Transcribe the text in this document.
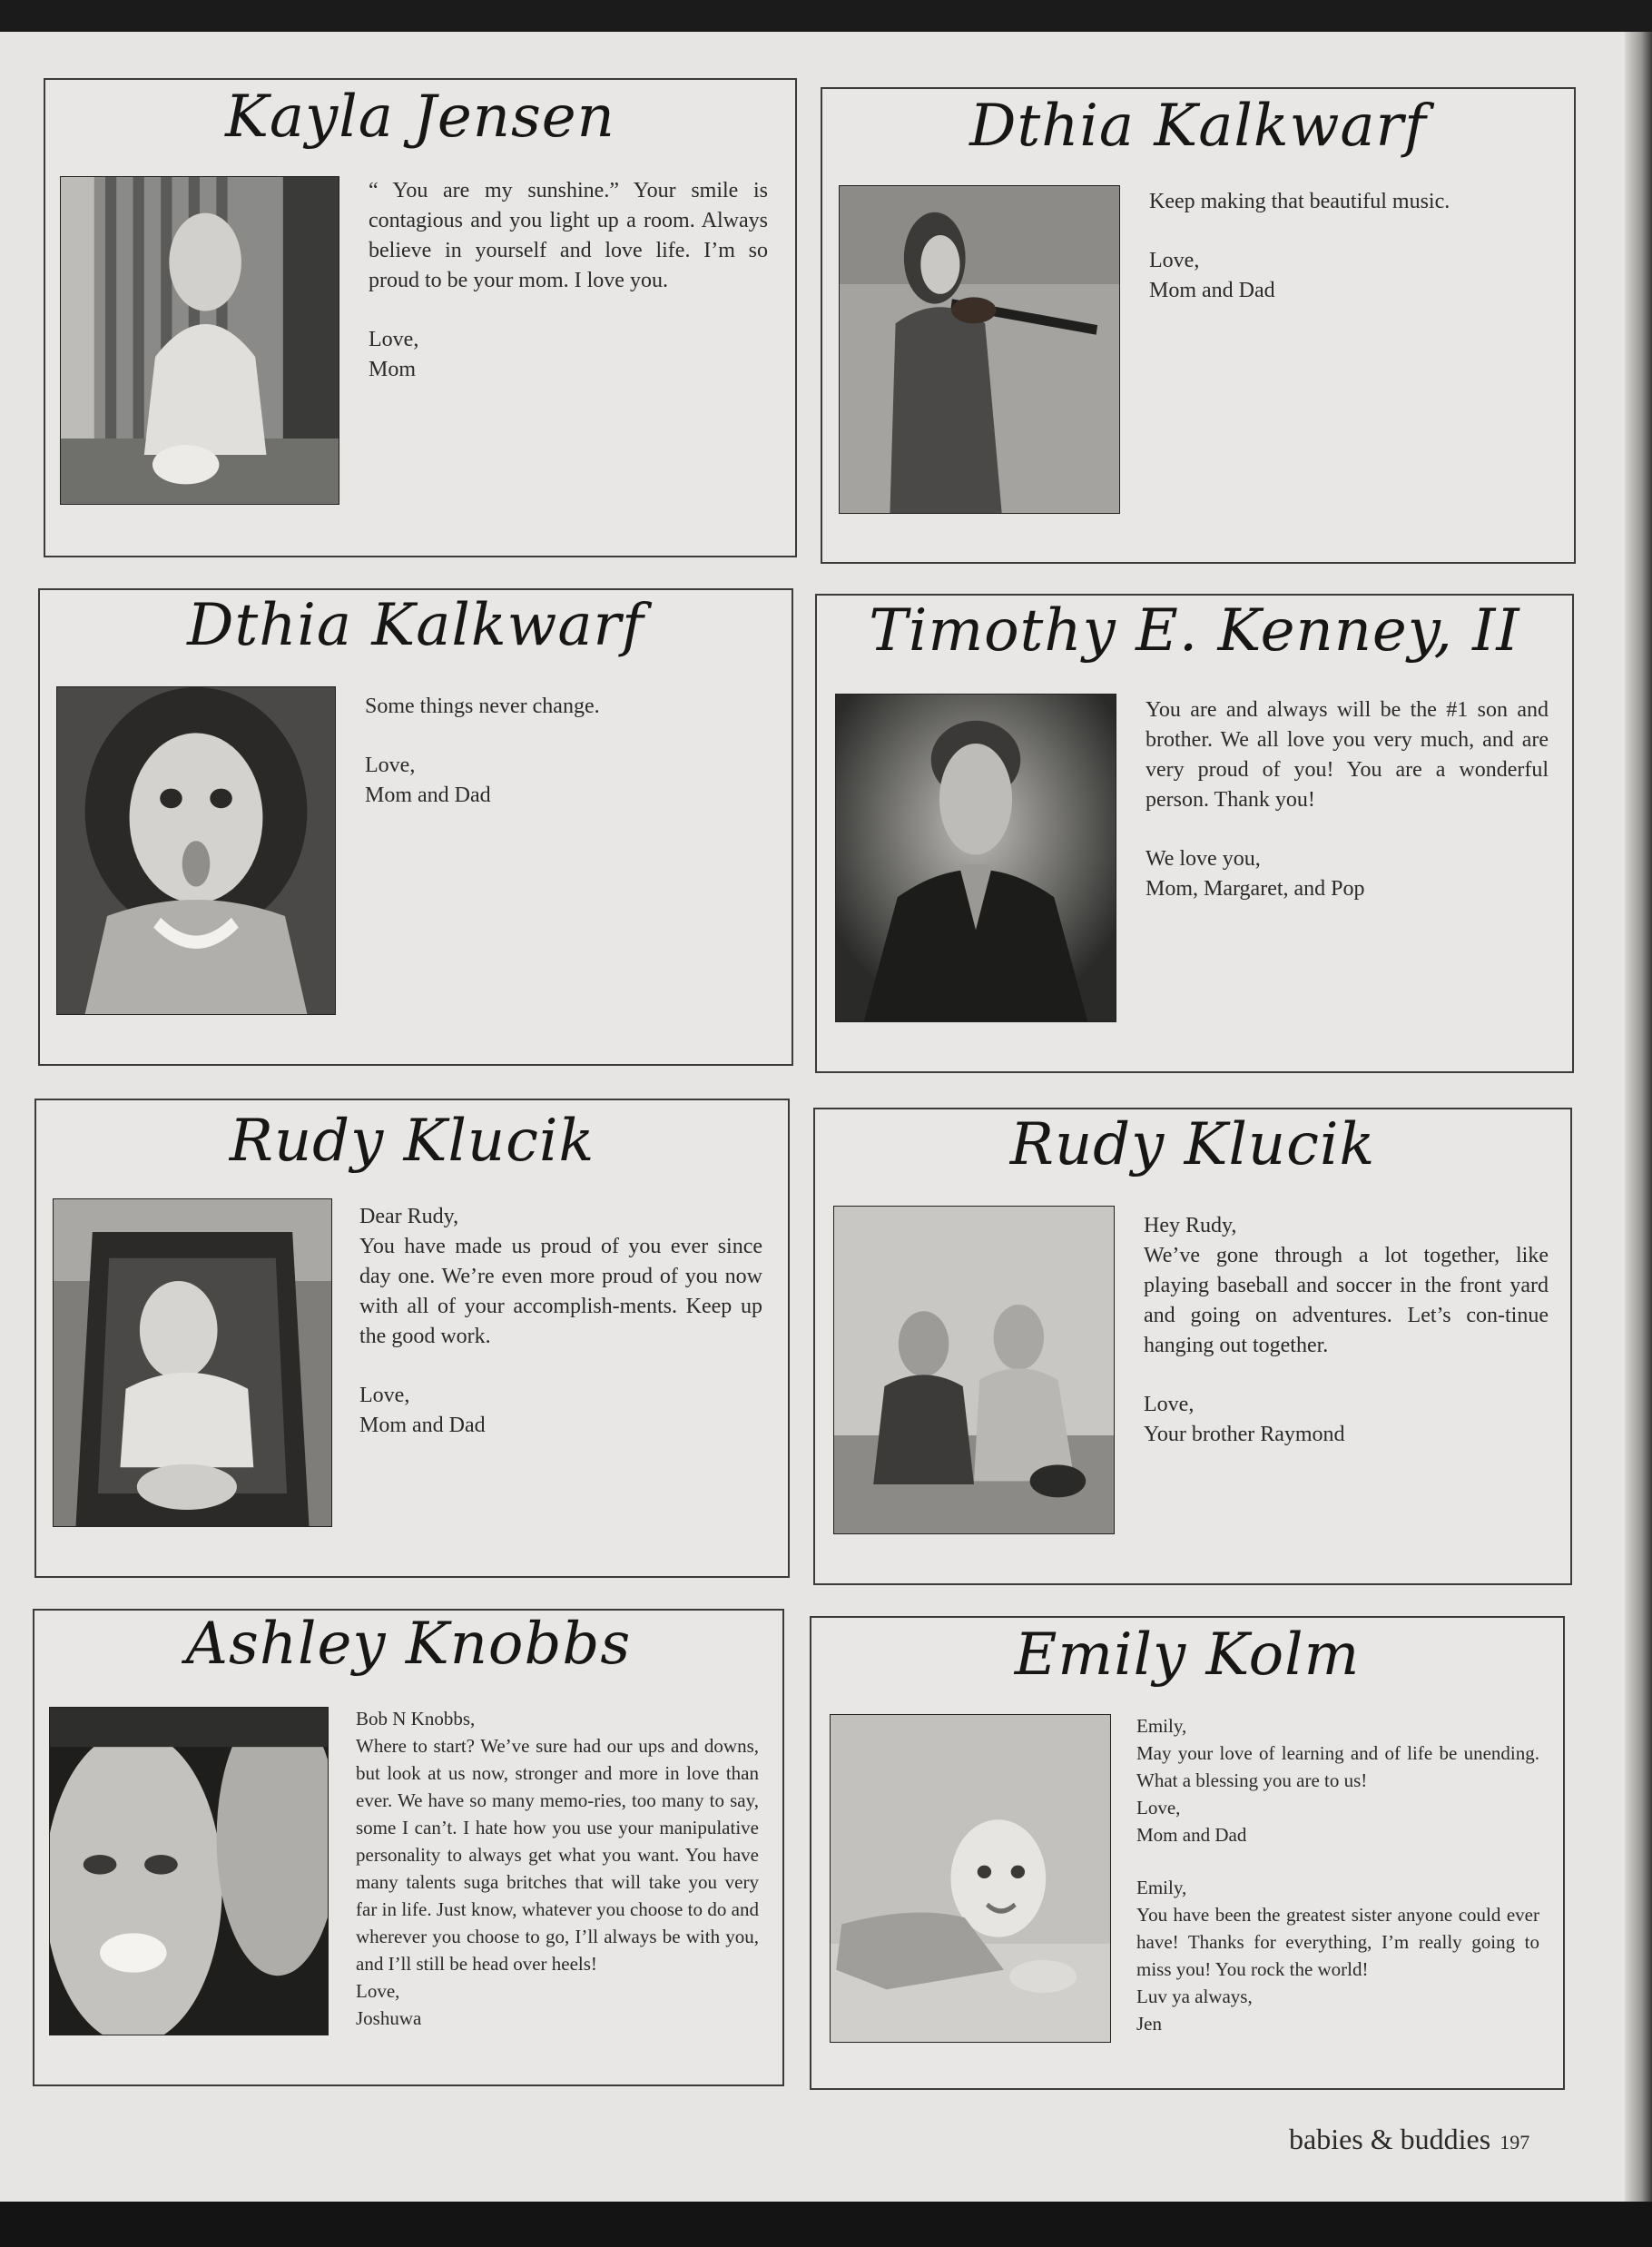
Kayla Jensen

“ You are my sunshine.” Your smile is contagious and you light up a room. Always believe in yourself and love life. I’m so proud to be your mom. I love you.

Love,

Mom

Dthia Kalkwarf

Keep making that beautiful music.

Love,

Mom and Dad

Dthia Kalkwarf

Some things never change.

Love,

Mom and Dad

Timothy E. Kenney, II

You are and always will be the #1 son and brother. We all love you very much, and are very proud of you! You are a wonderful person. Thank you!

We love you,

Mom, Margaret, and Pop

Rudy Klucik

Dear Rudy,

You have made us proud of you ever since day one. We’re even more proud of you now with all of your accomplish-ments. Keep up the good work.

Love,

Mom and Dad

Rudy Klucik

Hey Rudy,

We’ve gone through a lot together, like playing baseball and soccer in the front yard and going on adventures. Let’s con-tinue hanging out together.

Love,

Your brother Raymond

Ashley Knobbs

Bob N Knobbs,

Where to start? We’ve sure had our ups and downs, but look at us now, stronger and more in love than ever. We have so many memo-ries, too many to say, some I can’t. I hate how you use your manipulative personality to always get what you want. You have many talents suga britches that will take you very far in life. Just know, whatever you choose to do and wherever you choose to go, I’ll always be with you, and I’ll still be head over heels!

Love,

Joshuwa

Emily Kolm

Emily,

May your love of learning and of life be unending. What a blessing you are to us!

Love,

Mom and Dad

Emily,

You have been the greatest sister anyone could ever have! Thanks for everything, I’m really going to miss you! You rock the world!

Luv ya always,

Jen

babies & buddies 197
